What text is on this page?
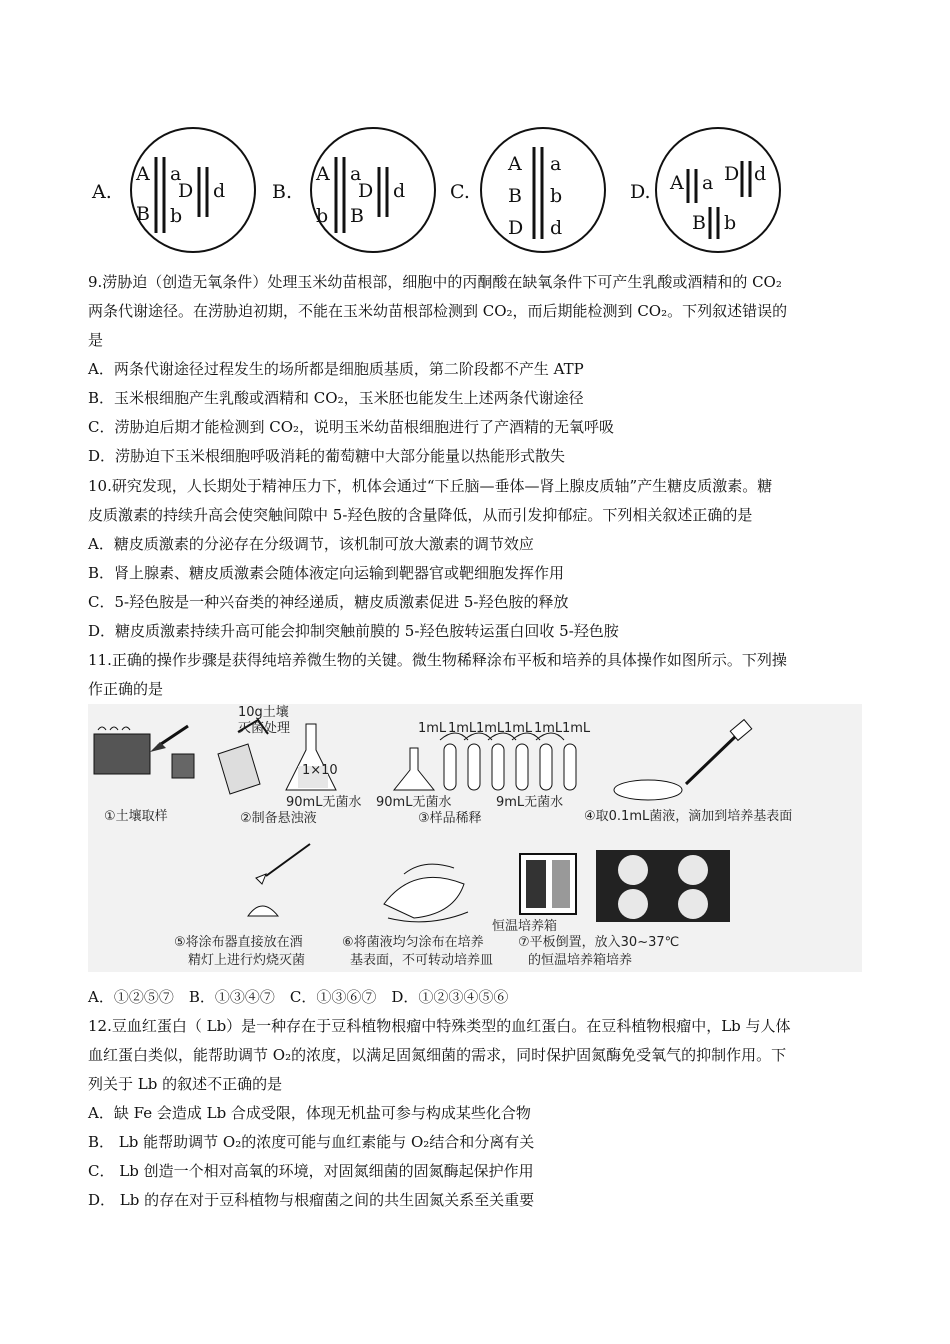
A.
A
B
a
b
D d B.
A
b
a
B
D d C.
A
B
D
a
b
d
D. A a D d
B b

9.涝胁迫（创造无氧条件）处理玉米幼苗根部，细胞中的丙酮酸在缺氧条件下可产生乳酸或酒精和的 CO₂

两条代谢途径。在涝胁迫初期，不能在玉米幼苗根部检测到 CO₂，而后期能检测到 CO₂。下列叙述错误的

是

A．两条代谢途径过程发生的场所都是细胞质基质，第二阶段都不产生 ATP

B．玉米根细胞产生乳酸或酒精和 CO₂，玉米胚也能发生上述两条代谢途径

C．涝胁迫后期才能检测到 CO₂，说明玉米幼苗根细胞进行了产酒精的无氧呼吸

D．涝胁迫下玉米根细胞呼吸消耗的葡萄糖中大部分能量以热能形式散失

10.研究发现，人长期处于精神压力下，机体会通过“下丘脑—垂体—肾上腺皮质轴”产生糖皮质激素。糖

皮质激素的持续升高会使突触间隙中 5-羟色胺的含量降低，从而引发抑郁症。下列相关叙述正确的是

A．糖皮质激素的分泌存在分级调节，该机制可放大激素的调节效应

B．肾上腺素、糖皮质激素会随体液定向运输到靶器官或靶细胞发挥作用

C．5-羟色胺是一种兴奋类的神经递质，糖皮质激素促进 5-羟色胺的释放

D．糖皮质激素持续升高可能会抑制突触前膜的 5-羟色胺转运蛋白回收 5-羟色胺

11.正确的操作步骤是获得纯培养微生物的关键。微生物稀释涂布平板和培养的具体操作如图所示。下列操

作正确的是

①土壤取样
10g土壤
灭菌处理
1×10
90mL无菌水
②制备悬浊液
1mL 1mL 1mL 1mL 1mL 1mL
90mL无菌水	9mL无菌水
③样品稀释	④取0.1mL菌液，滴加到培养基表面
⑤将涂布器直接放在酒
精灯上进行灼烧灭菌
⑥将菌液均匀涂布在培养
基表面，不可转动培养皿
恒温培养箱
⑦平板倒置，放入30~37℃
的恒温培养箱培养

A．①②⑤⑦　B．①③④⑦　C．①③⑥⑦　D．①②③④⑤⑥

12.豆血红蛋白（ Lb）是一种存在于豆科植物根瘤中特殊类型的血红蛋白。在豆科植物根瘤中，Lb 与人体

血红蛋白类似，能帮助调节 O₂的浓度，以满足固氮细菌的需求，同时保护固氮酶免受氧气的抑制作用。下

列关于 Lb 的叙述不正确的是

A．缺 Fe 会造成 Lb 合成受限，体现无机盐可参与构成某些化合物

B． Lb 能帮助调节 O₂的浓度可能与血红素能与 O₂结合和分离有关

C． Lb 创造一个相对高氧的环境，对固氮细菌的固氮酶起保护作用

D． Lb 的存在对于豆科植物与根瘤菌之间的共生固氮关系至关重要
